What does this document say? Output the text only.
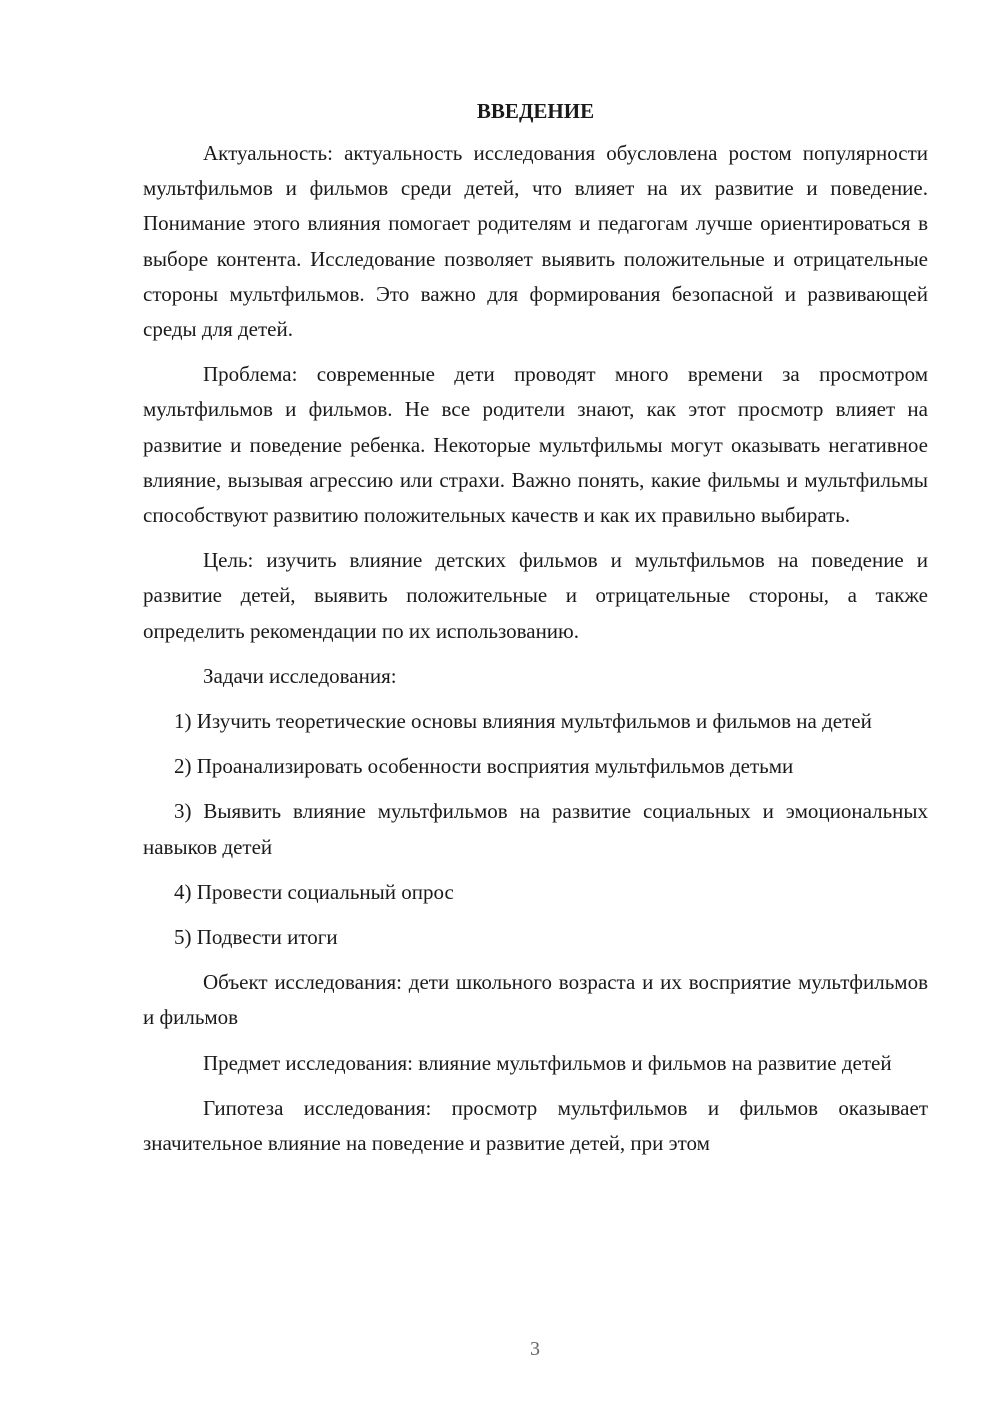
ВВЕДЕНИЕ

Актуальность: актуальность исследования обусловлена ростом популярности мультфильмов и фильмов среди детей, что влияет на их развитие и поведение. Понимание этого влияния помогает родителям и педагогам лучше ориентироваться в выборе контента. Исследование позволяет выявить положительные и отрицательные стороны мультфильмов. Это важно для формирования безопасной и развивающей среды для детей.

Проблема: современные дети проводят много времени за просмотром мультфильмов и фильмов. Не все родители знают, как этот просмотр влияет на развитие и поведение ребенка. Некоторые мультфильмы могут оказывать негативное влияние, вызывая агрессию или страхи. Важно понять, какие фильмы и мультфильмы способствуют развитию положительных качеств и как их правильно выбирать.

Цель: изучить влияние детских фильмов и мультфильмов на поведение и развитие детей, выявить положительные и отрицательные стороны, а также определить рекомендации по их использованию.

Задачи исследования:

1) Изучить теоретические основы влияния мультфильмов и фильмов на детей

2) Проанализировать особенности восприятия мультфильмов детьми

3) Выявить влияние мультфильмов на развитие социальных и эмоциональных навыков детей

4) Провести социальный опрос

5) Подвести итоги

Объект исследования: дети школьного возраста и их восприятие мультфильмов и фильмов

Предмет исследования: влияние мультфильмов и фильмов на развитие детей

Гипотеза исследования: просмотр мультфильмов и фильмов оказывает значительное влияние на поведение и развитие детей, при этом

3
